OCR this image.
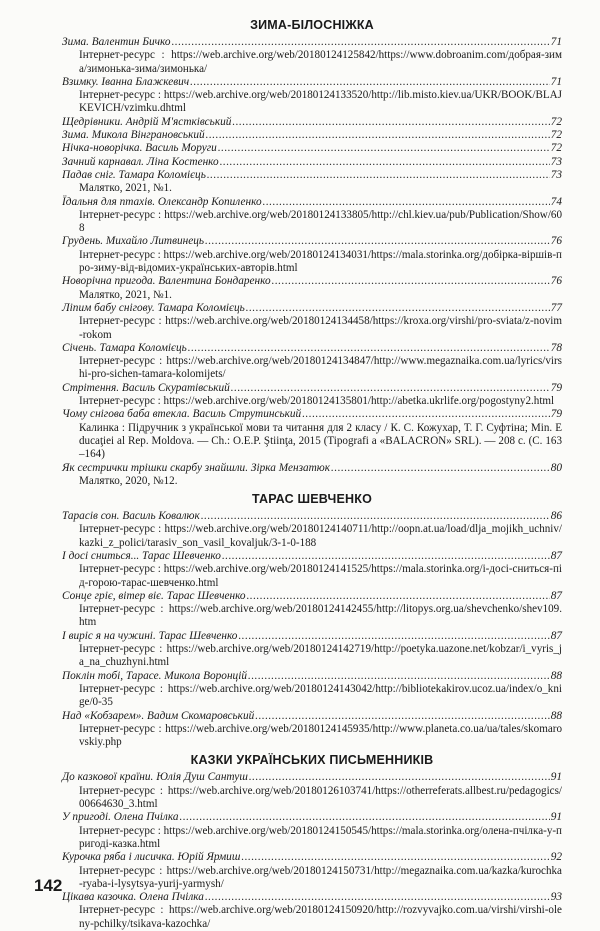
ЗИМА-БІЛОСНІЖКА
Зима. Валентин Бичко .....	71
Інтернет-ресурс : https://web.archive.org/web/20180124125842/https://www.dobroanim.com/добрая-зима/зимонька-зима/зимонька/
Взимку. Іванна Блажкевич .....	71
Інтернет-ресурс : https://web.archive.org/web/20180124133520/http://lib.misto.kiev.ua/UKR/BOOK/BLAJKEVICH/vzimku.dhtml
Щедрівники. Андрій М'ястківський .....	72
Зима. Микола Вінграновський .....	72
Нічка-новорічка. Василь Моруги .....	72
Зачний карнавал. Ліна Костенко .....	73
Падав сніг. Тамара Коломієць .....	73
Малятко, 2021, №1.
Їдальня для птахів. Олександр Копиленко .....	74
Інтернет-ресурс : https://web.archive.org/web/20180124133805/http://chl.kiev.ua/pub/Publication/Show/608
Грудень. Михайло Литвинець .....	76
Інтернет-ресурс : https://web.archive.org/web/20180124134031/https://mala.storinka.org/добірка-віршів-про-зиму-від-відомих-українських-авторів.html
Новорічна пригода. Валентина Бондаренко .....	76
Малятко, 2021, №1.
Ліпим бабу снігову. Тамара Коломієць .....	77
Інтернет-ресурс : https://web.archive.org/web/20180124134458/https://kroxa.org/virshi/pro-sviata/z-novim-rokom
Січень. Тамара Коломієць .....	78
Інтернет-ресурс : https://web.archive.org/web/20180124134847/http://www.megaznaika.com.ua/lyrics/virshi-pro-sichen-tamara-kolomijets/
Стрітення. Василь Скуратівський .....	79
Інтернет-ресурс : https://web.archive.org/web/20180124135801/http://abetka.ukrlife.org/pogostyny2.html
Чому снігова баба втекла. Василь Струтинський .....	79
Калинка : Підручник з української мови та читання для 2 класу / К. С. Кожухар, Т. Г. Суфтіна; Min. Educaţiei al Rep. Moldova. — Ch.: O.E.P. Ştiinţa, 2015 (Tipografi a «BALACRON» SRL). — 208 с. (С. 163–164)
Як сестрички трішки скарбу знайшли. Зірка Мензатюк .....	80
Малятко, 2020, №12.
ТАРАС ШЕВЧЕНКО
Тарасів сон. Василь Ковалюк .....	86
Інтернет-ресурс : https://web.archive.org/web/20180124140711/http://oopn.at.ua/load/dlja_mojikh_uchniv/kazki_z_polici/tarasiv_son_vasil_kovaljuk/3-1-0-188
І досі сниться... Тарас Шевченко .....	87
Інтернет-ресурс : https://web.archive.org/web/20180124141525/https://mala.storinka.org/і-досі-сниться-під-горою-тарас-шевченко.html
Сонце гріє, вітер віє. Тарас Шевченко .....	87
Інтернет-ресурс : https://web.archive.org/web/20180124142455/http://litopys.org.ua/shevchenko/shev109.htm
І виріс я на чужині. Тарас Шевченко .....	87
Інтернет-ресурс : https://web.archive.org/web/20180124142719/http://poetyka.uazone.net/kobzar/i_vyris_ja_na_chuzhyni.html
Поклін тобі, Тарасе. Микола Воронцій .....	88
Інтернет-ресурс : https://web.archive.org/web/20180124143042/http://bibliotekakirov.ucoz.ua/index/o_knige/0-35
Над «Кобзарем». Вадим Скомаровський .....	88
Інтернет-ресурс : https://web.archive.org/web/20180124145935/http://www.planeta.co.ua/ua/tales/skomarovskiy.php
КАЗКИ УКРАЇНСЬКИХ ПИСЬМЕННИКІВ
До казкової країни. Юлія Душ Сантуш .....	91
Інтернет-ресурс : https://web.archive.org/web/20180126103741/https://otherreferats.allbest.ru/pedagogics/00664630_3.html
У пригоді. Олена Пчілка .....	91
Інтернет-ресурс : https://web.archive.org/web/20180124150545/https://mala.storinka.org/олена-пчілка-у-пригоді-казка.html
Курочка ряба і лисичка. Юрій Ярмиш .....	92
Інтернет-ресурс : https://web.archive.org/web/20180124150731/http://megaznaika.com.ua/kazka/kurochka-ryaba-i-lysytsya-yurij-yarmysh/
Цікава казочка. Олена Пчілка .....	93
Інтернет-ресурс : https://web.archive.org/web/20180124150920/http://rozvyvajko.com.ua/virshi/virshi-oleny-pchilky/tsikava-kazochka/
142
